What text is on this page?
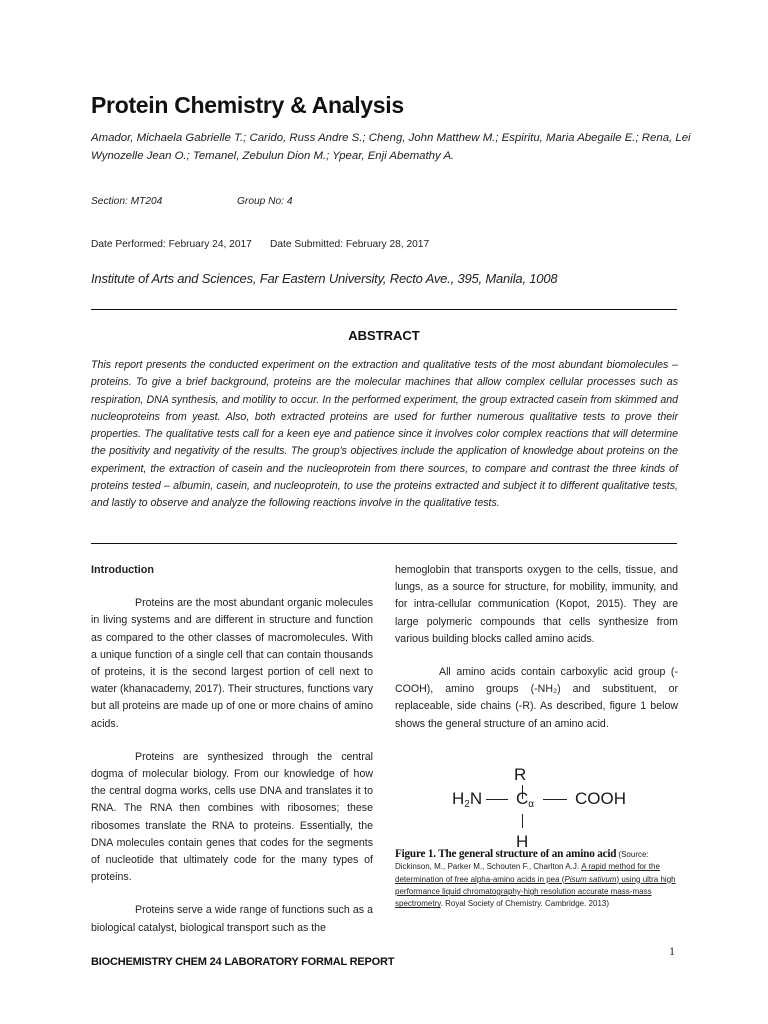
Protein Chemistry & Analysis
Amador, Michaela Gabrielle T.; Carido, Russ Andre S.; Cheng, John Matthew M.; Espiritu, Maria Abegaile E.; Rena, Lei Wynozelle Jean O.; Temanel, Zebulun Dion M.; Ypear, Enji Abemathy A.
Section: MT204	Group No: 4
Date Performed: February 24, 2017 Date Submitted: February 28, 2017
Institute of Arts and Sciences, Far Eastern University, Recto Ave., 395, Manila, 1008
ABSTRACT

This report presents the conducted experiment on the extraction and qualitative tests of the most abundant biomolecules – proteins. To give a brief background, proteins are the molecular machines that allow complex cellular processes such as respiration, DNA synthesis, and motility to occur. In the performed experiment, the group extracted casein from skimmed and nucleoproteins from yeast. Also, both extracted proteins are used for further numerous qualitative tests to prove their properties. The qualitative tests call for a keen eye and patience since it involves color complex reactions that will determine the positivity and negativity of the results. The group's objectives include the application of knowledge about proteins on the experiment, the extraction of casein and the nucleoprotein from there sources, to compare and contrast the three kinds of proteins tested – albumin, casein, and nucleoprotein, to use the proteins extracted and subject it to different qualitative tests, and lastly to observe and analyze the following reactions involve in the qualitative tests.

Introduction

Proteins are the most abundant organic molecules in living systems and are different in structure and function as compared to the other classes of macromolecules. With a unique function of a single cell that can contain thousands of proteins, it is the second largest portion of cell next to water (khanacademy, 2017). Their structures, functions vary but all proteins are made up of one or more chains of amino acids.

Proteins are synthesized through the central dogma of molecular biology. From our knowledge of how the central dogma works, cells use DNA and translates it to RNA. The RNA then combines with ribosomes; these ribosomes translate the RNA to proteins. Essentially, the DNA molecules contain genes that codes for the segments of nucleotide that ultimately code for the many types of proteins.

Proteins serve a wide range of functions such as a biological catalyst, biological transport such as the

hemoglobin that transports oxygen to the cells, tissue, and lungs, as a source for structure, for mobility, immunity, and for intra-cellular communication (Kopot, 2015). They are large polymeric compounds that cells synthesize from various building blocks called amino acids.

All amino acids contain carboxylic acid group (-COOH), amino groups (-NH₂) and substituent, or replaceable, side chains (-R). As described, figure 1 below shows the general structure of an amino acid.

R
$H_2N$ $C_\alpha$ COOH
H
Figure 1. The general structure of an amino acid (Source: Dickinson, M., Parker M., Schouten F., Charlton A.J. A rapid method for the determination of free alpha-amino acids in pea (Pisum sativum) using ultra high performance liquid chromatography-high resolution accurate mass-mass spectrometry. Royal Society of Chemistry. Cambridge. 2013)
BIOCHEMISTRY CHEM 24 LABORATORY FORMAL REPORT
1
